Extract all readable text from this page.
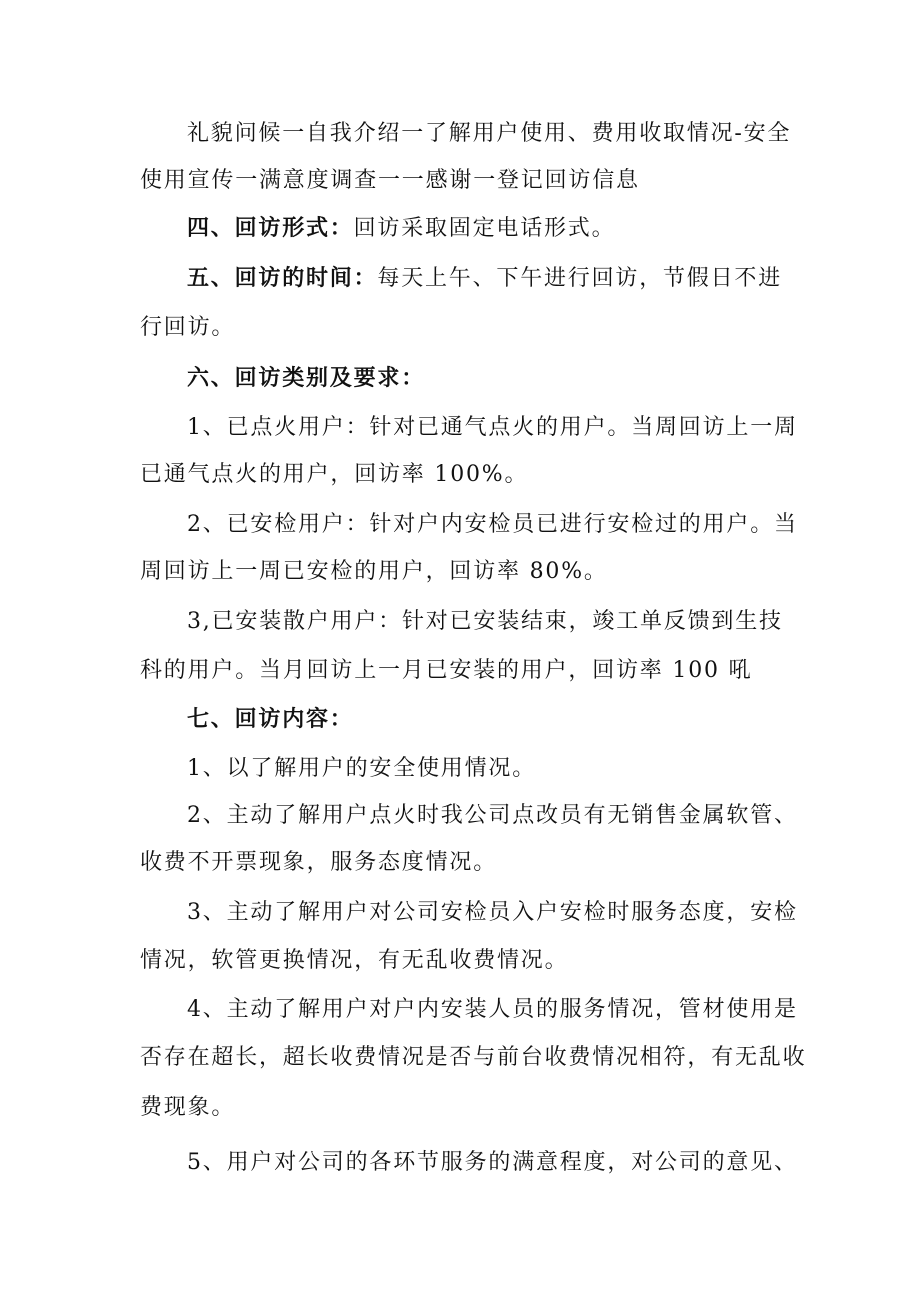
礼貌问候一自我介绍一了解用户使用、费用收取情况-安全
使用宣传一满意度调查一一感谢一登记回访信息
四、回访形式：回访采取固定电话形式。
五、回访的时间：每天上午、下午进行回访，节假日不进
行回访。
六、回访类别及要求：
1、已点火用户：针对已通气点火的用户。当周回访上一周
已通气点火的用户，回访率 100%。
2、已安检用户：针对户内安检员已进行安检过的用户。当
周回访上一周已安检的用户，回访率 80%。
3,已安装散户用户：针对已安装结束，竣工单反馈到生技
科的用户。当月回访上一月已安装的用户，回访率 100 吼
七、回访内容：
1、以了解用户的安全使用情况。
2、主动了解用户点火时我公司点改员有无销售金属软管、
收费不开票现象，服务态度情况。
3、主动了解用户对公司安检员入户安检时服务态度，安检
情况，软管更换情况，有无乱收费情况。
4、主动了解用户对户内安装人员的服务情况，管材使用是
否存在超长，超长收费情况是否与前台收费情况相符，有无乱收
费现象。
5、用户对公司的各环节服务的满意程度，对公司的意见、
